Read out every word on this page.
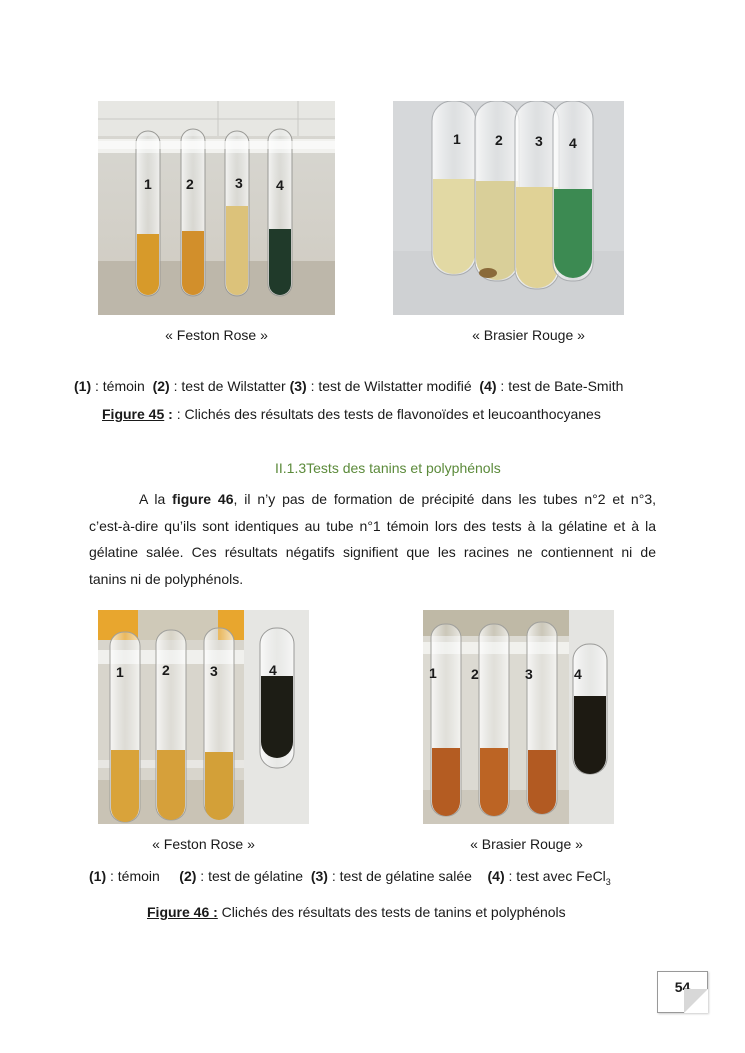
1 2	3 4
1 2 3 4
« Feston Rose »	« Brasier Rouge »
(1) : témoin (2) : test de Wilstatter (3) : test de Wilstatter modifié (4) : test de Bate-Smith
Figure 45 : : Clichés des résultats des tests de flavonoïdes et leucoanthocyanes
II.1.3Tests des tanins et polyphénols
A la figure 46, il n’y pas de formation de précipité dans les tubes n°2 et n°3,
c’est-à-dire qu’ils sont identiques au tube n°1 témoin lors des tests à la gélatine et à la
gélatine salée. Ces résultats négatifs signifient que les racines ne contiennent ni de
tanins ni de polyphénols.
1	2	3	4	1 2	3	4
« Feston Rose »	« Brasier Rouge »
(1) : témoin (2) : test de gélatine (3) : test de gélatine salée (4) : test avec FeCl$_3$
Figure 46 : Clichés des résultats des tests de tanins et polyphénols
54
